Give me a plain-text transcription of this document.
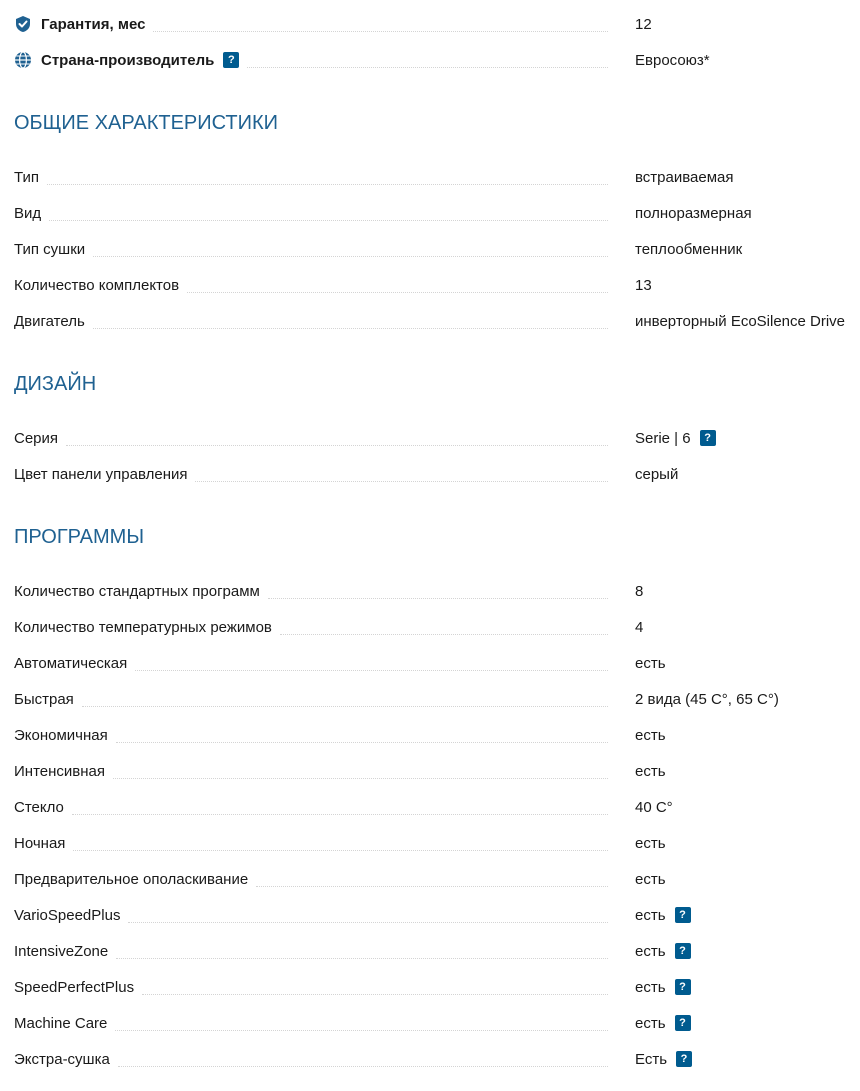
Гарантия, мес	12
Страна-производитель	?	Евросоюз*
ОБЩИЕ ХАРАКТЕРИСТИКИ
Тип	встраиваемая
Вид	полноразмерная
Тип сушки	теплообменник
Количество комплектов	13
Двигатель	инверторный EcoSilence Drive
ДИЗАЙН
Серия	Serie | 6	?
Цвет панели управления	серый
ПРОГРАММЫ
Количество стандартных программ	8
Количество температурных режимов	4
Автоматическая	есть
Быстрая	2 вида (45 C°, 65 C°)
Экономичная	есть
Интенсивная	есть
Стекло	40 C°
Ночная	есть
Предварительное ополаскивание	есть
VarioSpeedPlus	есть	?
IntensiveZone	есть	?
SpeedPerfectPlus	есть	?
Machine Care	есть	?
Экстра-сушка	Есть	?
